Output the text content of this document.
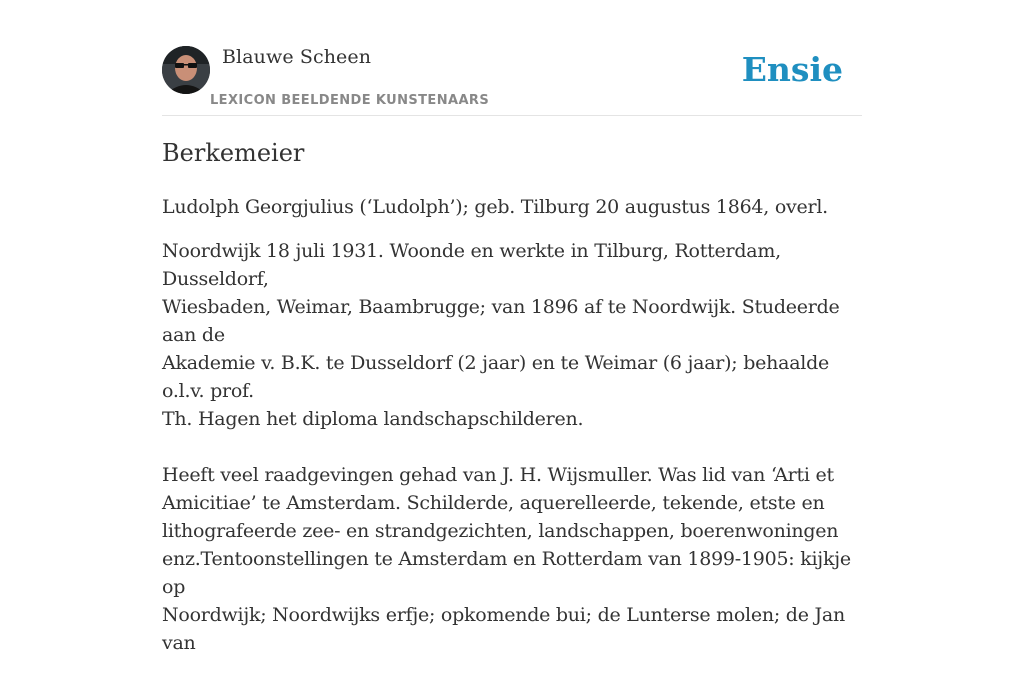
Blauwe Scheen
LEXICON BEELDENDE KUNSTENAARS
Ensie
Berkemeier

Ludolph Georgjulius (‘Ludolph’); geb. Tilburg 20 augustus 1864, overl.

Noordwijk 18 juli 1931. Woonde en werkte in Tilburg, Rotterdam, Dusseldorf,
Wiesbaden, Weimar, Baambrugge; van 1896 af te Noordwijk. Studeerde aan de
Akademie v. B.K. te Dusseldorf (2 jaar) en te Weimar (6 jaar); behaalde o.l.v. prof.
Th. Hagen het diploma landschapschilderen.

Heeft veel raadgevingen gehad van J. H. Wijsmuller. Was lid van ‘Arti et
Amicitiae’ te Amsterdam. Schilderde, aquerelleerde, tekende, etste en
lithografeerde zee- en strandgezichten, landschappen, boerenwoningen
enz.Tentoonstellingen te Amsterdam en Rotterdam van 1899-1905: kijkje op
Noordwijk; Noordwijks erfje; opkomende bui; de Lunterse molen; de Jan van
